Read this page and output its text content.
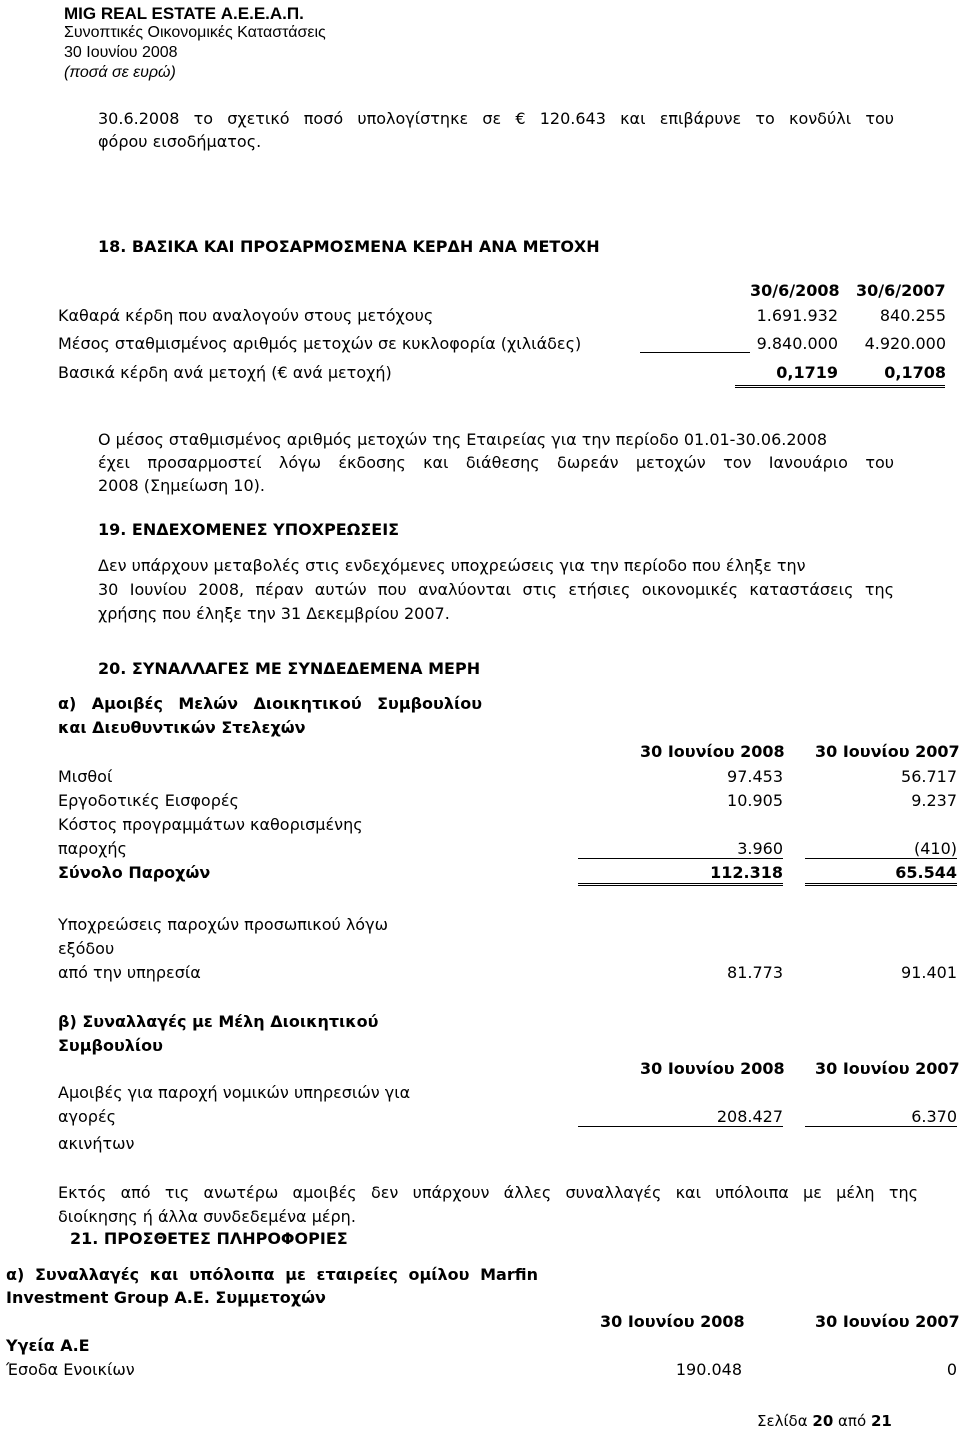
MIG REAL ESTATE Α.Ε.Ε.Α.Π.
Συνοπτικές Οικονομικές Καταστάσεις
30 Ιουνίου 2008
(ποσά σε ευρώ)
30.6.2008 το σχετικό ποσό υπολογίστηκε σε € 120.643 και επιβάρυνε το κονδύλι του
φόρου εισοδήματος.
18. ΒΑΣΙΚΑ ΚΑΙ ΠΡΟΣΑΡΜΟΣΜΕΝΑ ΚΕΡΔΗ ΑΝΑ ΜΕΤΟΧΗ
30/6/2008 30/6/2007
Καθαρά κέρδη που αναλογούν στους μετόχους	1.691.932	840.255
Μέσος σταθμισμένος αριθμός μετοχών σε κυκλοφορία (χιλιάδες)	9.840.000	4.920.000
Βασικά κέρδη ανά μετοχή (€ ανά μετοχή)	0,1719	0,1708
Ο μέσος σταθμισμένος αριθμός μετοχών της Εταιρείας για την περίοδο 01.01-30.06.2008
έχει προσαρμοστεί λόγω έκδοσης και διάθεσης δωρεάν μετοχών τον Ιανουάριο του
2008 (Σημείωση 10).
19. ΕΝΔΕΧΟΜΕΝΕΣ ΥΠΟΧΡΕΩΣΕΙΣ
Δεν υπάρχουν μεταβολές στις ενδεχόμενες υποχρεώσεις για την περίοδο που έληξε την
30 Ιουνίου 2008, πέραν αυτών που αναλύονται στις ετήσιες οικονομικές καταστάσεις της
χρήσης που έληξε την 31 Δεκεμβρίου 2007.
20. ΣΥΝΑΛΛΑΓΕΣ ΜΕ ΣΥΝΔΕΔΕΜΕΝΑ ΜΕΡΗ
α) Αμοιβές Μελών Διοικητικού Συμβουλίου
και Διευθυντικών Στελεχών
30 Ιουνίου 2008 30 Ιουνίου 2007
Μισθοί	97.453	56.717
Εργοδοτικές Εισφορές	10.905	9.237
Κόστος προγραμμάτων καθορισμένης
παροχής	3.960	(410)
Σύνολο Παροχών	112.318	65.544
Υποχρεώσεις παροχών προσωπικού λόγω
εξόδου
από την υπηρεσία	81.773	91.401
β) Συναλλαγές με Μέλη Διοικητικού
Συμβουλίου
30 Ιουνίου 2008 30 Ιουνίου 2007
Αμοιβές για παροχή νομικών υπηρεσιών για
αγορές	208.427	6.370
ακινήτων
Εκτός από τις ανωτέρω αμοιβές δεν υπάρχουν άλλες συναλλαγές και υπόλοιπα με μέλη της
διοίκησης ή άλλα συνδεδεμένα μέρη.
21. ΠΡΟΣΘΕΤΕΣ ΠΛΗΡΟΦΟΡΙΕΣ
α) Συναλλαγές και υπόλοιπα με εταιρείες ομίλου Marfin
Investment Group Α.Ε. Συμμετοχών
30 Ιουνίου 2008	30 Ιουνίου 2007
Υγεία Α.Ε
Έσοδα Ενοικίων	190.048	0
Σελίδα 20 από 21
